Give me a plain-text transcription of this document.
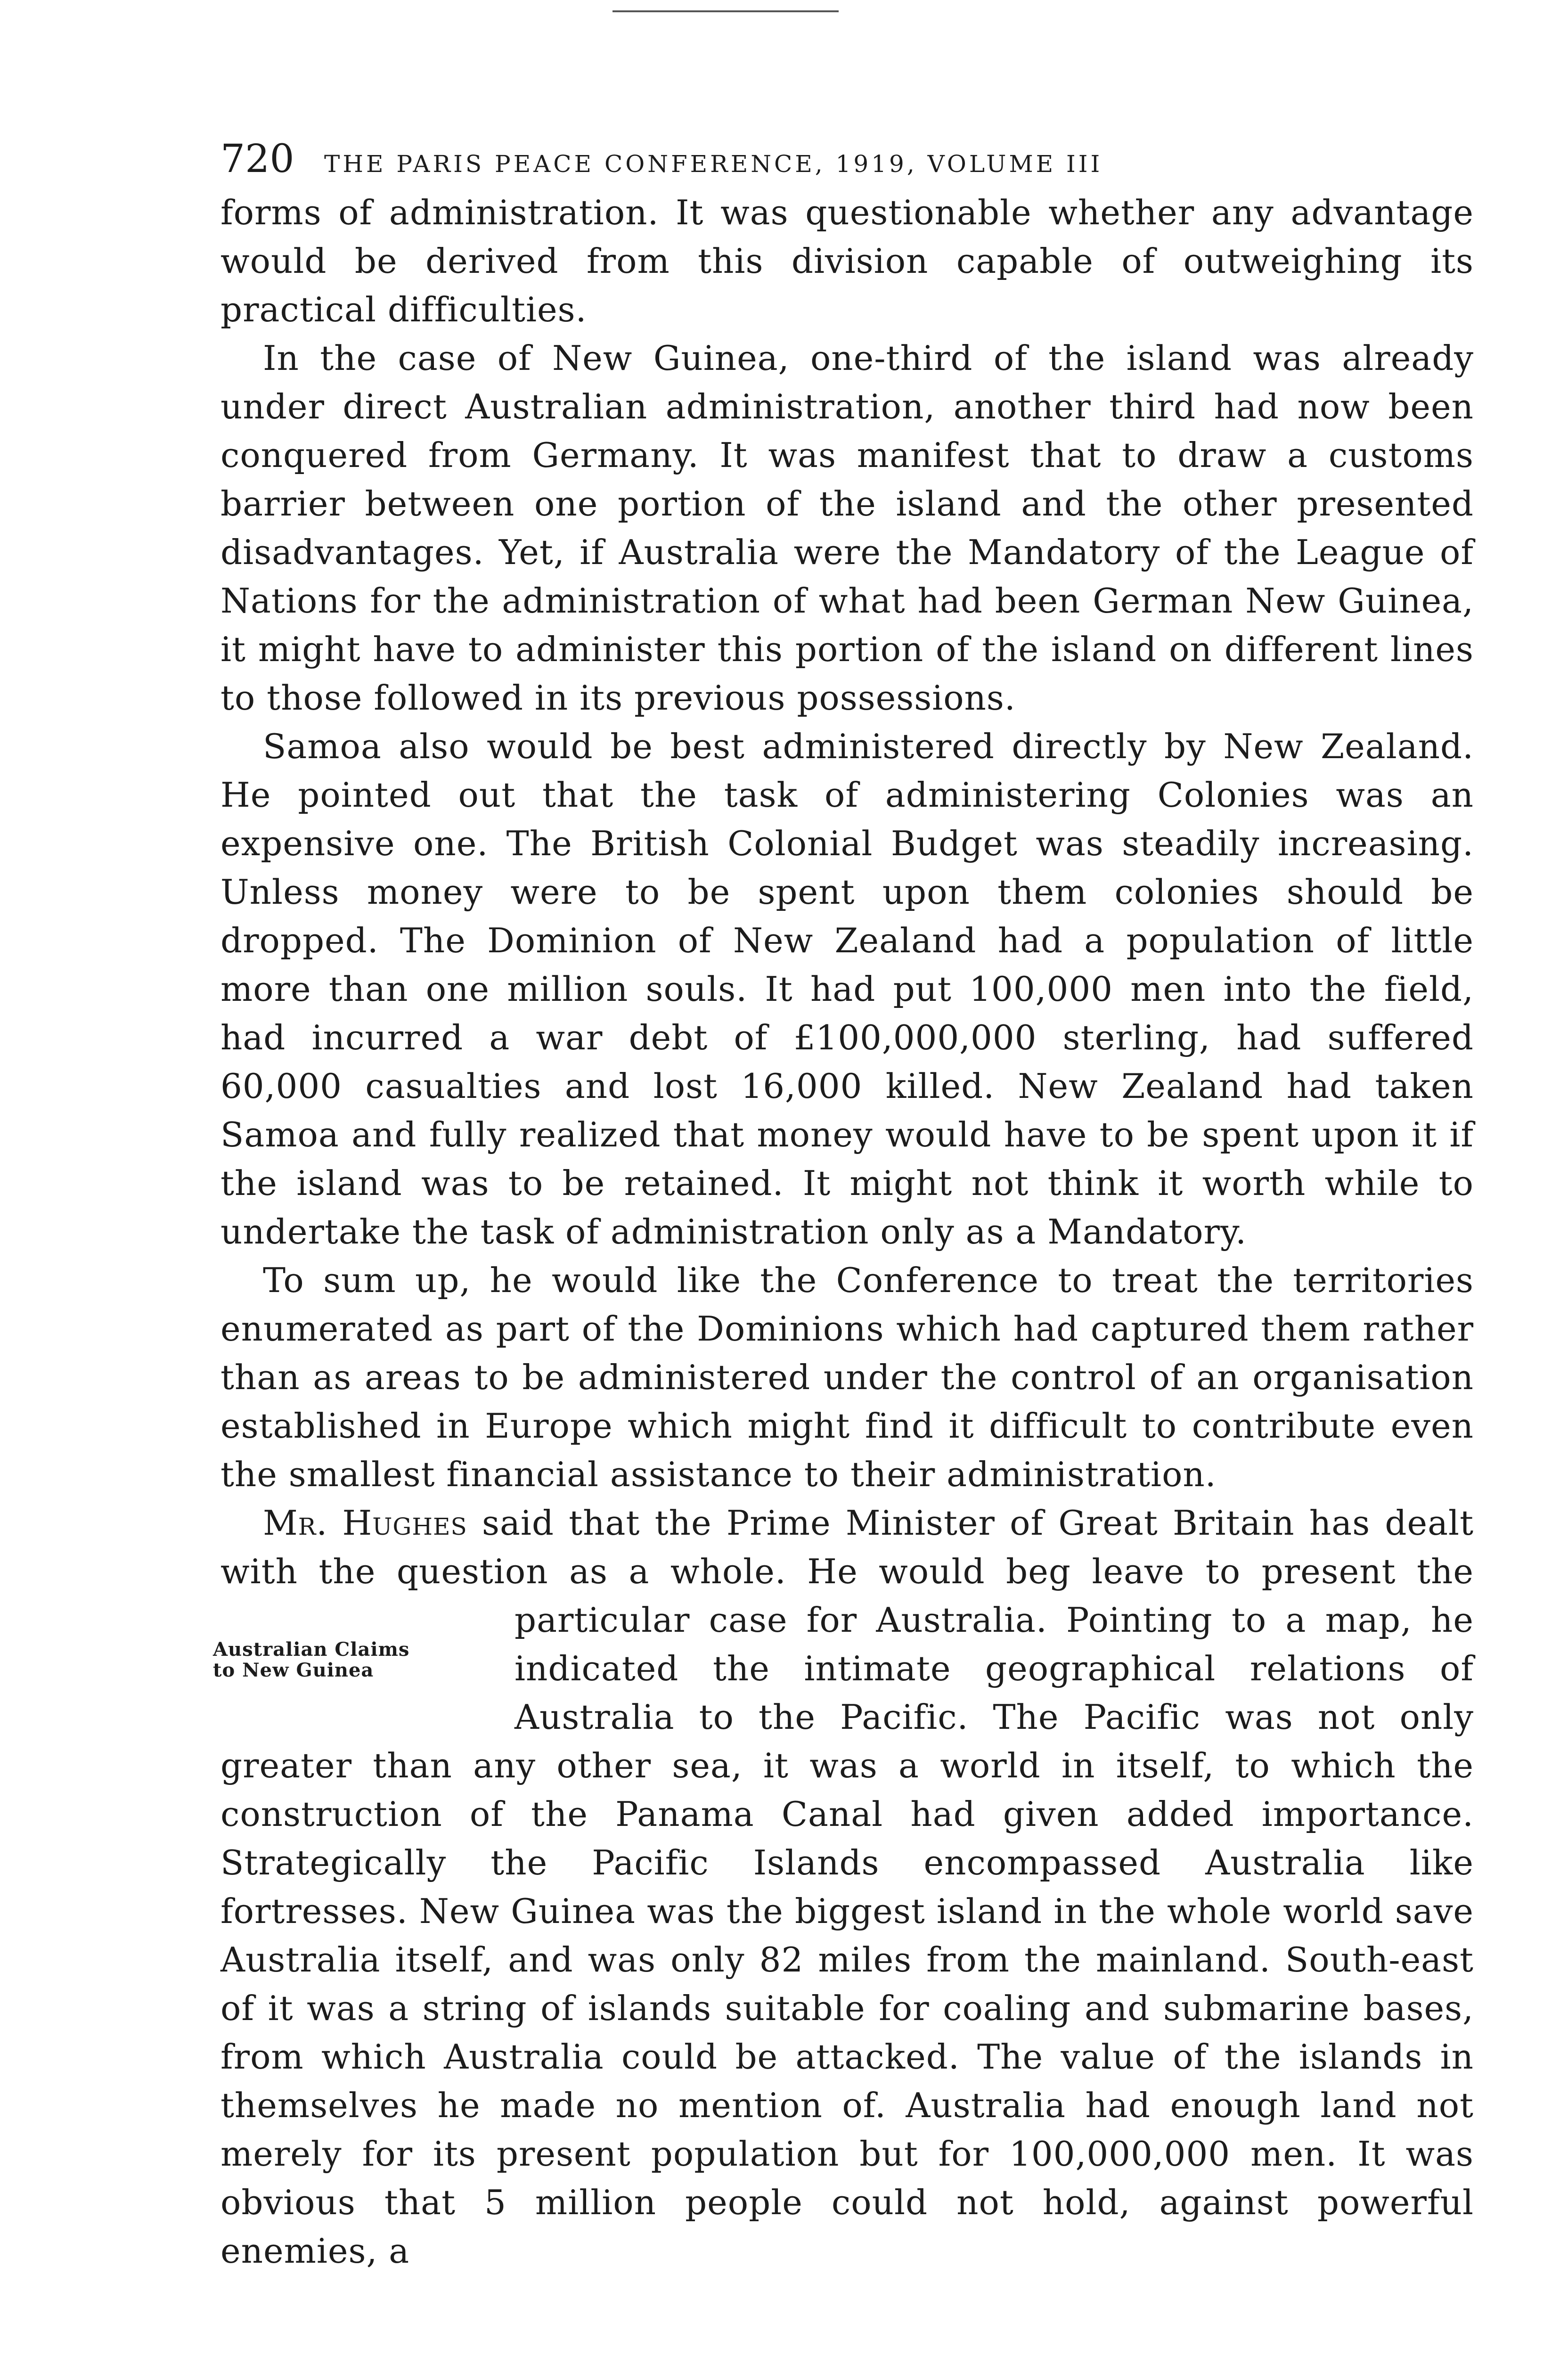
720	THE PARIS PEACE CONFERENCE, 1919, VOLUME III

forms of administration. It was questionable whether any advantage would be derived from this division capable of outweighing its practical difficulties.

In the case of New Guinea, one-third of the island was already under direct Australian administration, another third had now been conquered from Germany. It was manifest that to draw a customs barrier between one portion of the island and the other presented disadvantages. Yet, if Australia were the Mandatory of the League of Nations for the administration of what had been German New Guinea, it might have to administer this portion of the island on different lines to those followed in its previous possessions.

Samoa also would be best administered directly by New Zealand. He pointed out that the task of administering Colonies was an expensive one. The British Colonial Budget was steadily increasing. Unless money were to be spent upon them colonies should be dropped. The Dominion of New Zealand had a population of little more than one million souls. It had put 100,000 men into the field, had incurred a war debt of £100,000,000 sterling, had suffered 60,000 casualties and lost 16,000 killed. New Zealand had taken Samoa and fully realized that money would have to be spent upon it if the island was to be retained. It might not think it worth while to undertake the task of administration only as a Mandatory.

To sum up, he would like the Conference to treat the territories enumerated as part of the Dominions which had captured them rather than as areas to be administered under the control of an organisation established in Europe which might find it difficult to contribute even the smallest financial assistance to their administration.

Mr. Hughes said that the Prime Minister of Great Britain has dealt with the question as a whole. He would beg leave to present
Australian Claims
to New Guinea
the particular case for Australia. Pointing to a map, he indicated the intimate geographical relations of Australia to the Pacific. The Pacific was not only greater than any other sea, it was a world in itself, to which the construction of the Panama Canal had given added importance. Strategically the Pacific Islands encompassed Australia like fortresses. New Guinea was the biggest island in the whole world save Australia itself, and was only 82 miles from the mainland. South-east of it was a string of islands suitable for coaling and submarine bases, from which Australia could be attacked. The value of the islands in themselves he made no mention of. Australia had enough land not merely for its present population but for 100,000,000 men. It was obvious that 5 million people could not hold, against powerful enemies, a
